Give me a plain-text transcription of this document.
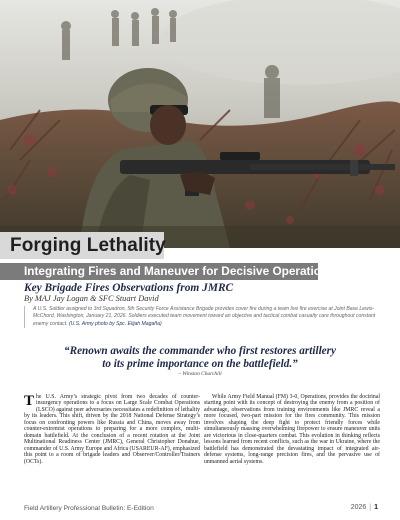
Forging Lethality
Integrating Fires and Maneuver for Decisive Operations
Key Brigade Fires Observations from JMRC
By MAJ Jay Logan & SFC Stuart David
A U.S. Soldier assigned to 3rd Squadron, 5th Security Force Assistance Brigade provides cover fire during a team live fire exercise at Joint Base Lewis-McChord, Washington, January 21, 2026. Soldiers executed team movement toward an objective and tactical combat casualty care throughout constant enemy contact. (U.S. Army photo by Spc. Elijah Magaña)
“Renown awaits the commander who first restores artillery to its prime importance on the battlefield.”
– Winston Churchill

The U.S. Army’s strategic pivot from two decades of counter-insurgency operations to a focus on Large Scale Combat Operations (LSCO) against peer adversaries necessitates a redefinition of lethality by its leaders. This shift, driven by the 2018 National Defense Strategy’s focus on confronting powers like Russia and China, moves away from counter-extremist operations to preparing for a more complex, multi-domain battlefield. At the conclusion of a recent rotation at the Joint Multinational Readiness Center (JMRC), General Christopher Donahue, commander of U.S. Army Europe and Africa (USAREUR-AF), emphasized this point to a room of brigade leaders and Observer/Controller/Trainers (OCTs).

While Army Field Manual (FM) 3-0, Operations, provides the doctrinal starting point with its concept of destroying the enemy from a position of advantage, observations from training environments like JMRC reveal a more focused, two-part mission for the fires community. This mission involves shaping the deep fight to protect friendly forces while simultaneously massing overwhelming firepower to ensure maneuver units are victorious in close-quarters combat. This evolution in thinking reflects lessons learned from recent conflicts, such as the war in Ukraine, where the battlefield has demonstrated the devastating impact of integrated air-defense systems, long-range precision fires, and the pervasive use of unmanned aerial systems.

Field Artillery Professional Bulletin: E-Edition	2026 | 1
